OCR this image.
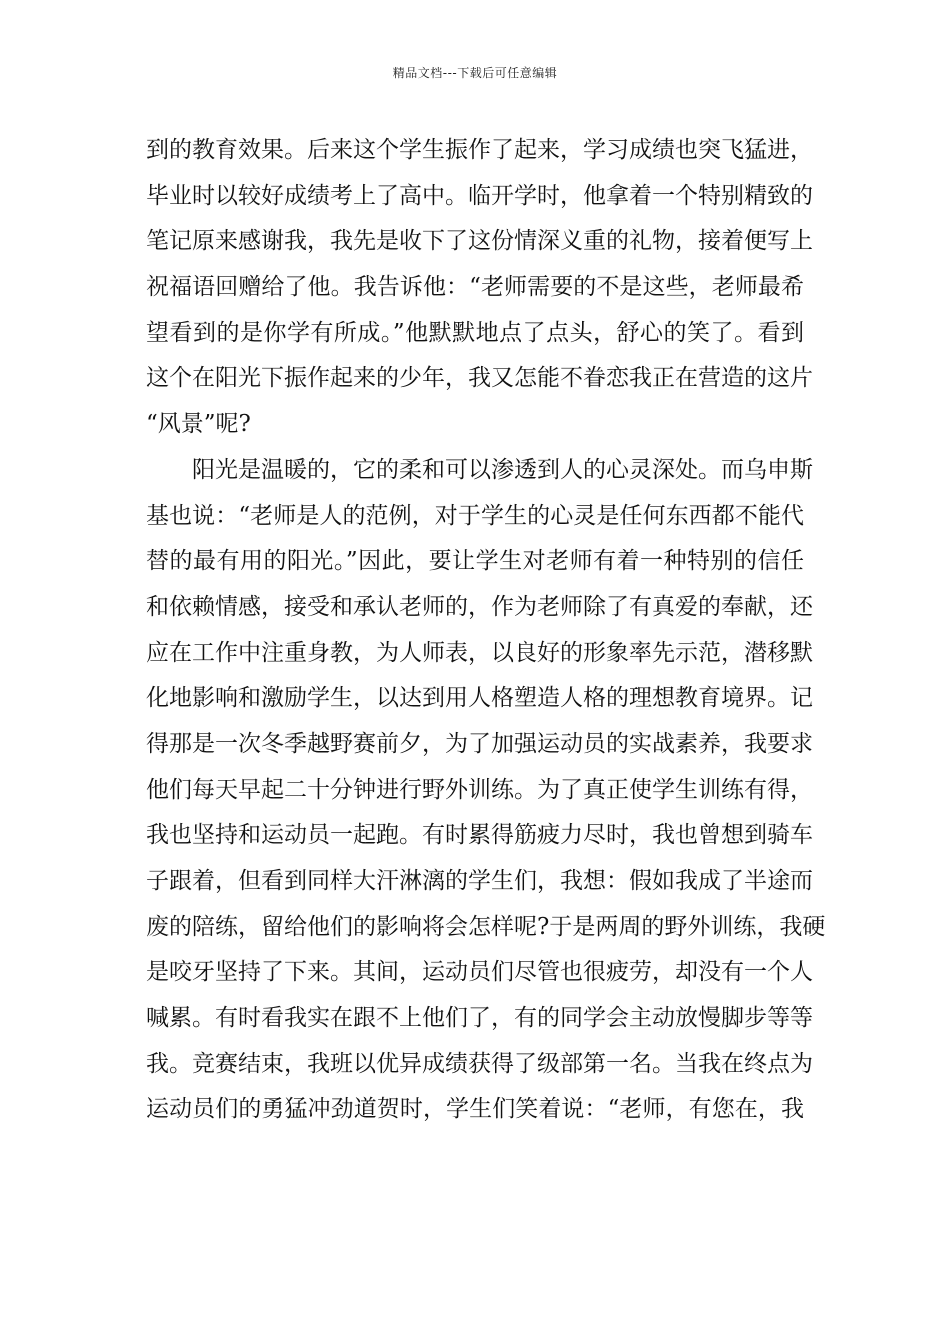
精品文档---下载后可任意编辑
到的教育效果。后来这个学生振作了起来，学习成绩也突飞猛进，
毕业时以较好成绩考上了高中。临开学时，他拿着一个特别精致的
笔记原来感谢我，我先是收下了这份情深义重的礼物，接着便写上
祝福语回赠给了他。我告诉他：“老师需要的不是这些，老师最希
望看到的是你学有所成。”他默默地点了点头，舒心的笑了。看到
这个在阳光下振作起来的少年，我又怎能不眷恋我正在营造的这片
“风景”呢?
阳光是温暖的，它的柔和可以渗透到人的心灵深处。而乌申斯
基也说：“老师是人的范例，对于学生的心灵是任何东西都不能代
替的最有用的阳光。”因此，要让学生对老师有着一种特别的信任
和依赖情感，接受和承认老师的，作为老师除了有真爱的奉献，还
应在工作中注重身教，为人师表，以良好的形象率先示范，潜移默
化地影响和激励学生，以达到用人格塑造人格的理想教育境界。记
得那是一次冬季越野赛前夕，为了加强运动员的实战素养，我要求
他们每天早起二十分钟进行野外训练。为了真正使学生训练有得，
我也坚持和运动员一起跑。有时累得筋疲力尽时，我也曾想到骑车
子跟着，但看到同样大汗淋漓的学生们，我想：假如我成了半途而
废的陪练，留给他们的影响将会怎样呢?于是两周的野外训练，我硬
是咬牙坚持了下来。其间，运动员们尽管也很疲劳，却没有一个人
喊累。有时看我实在跟不上他们了，有的同学会主动放慢脚步等等
我。竞赛结束，我班以优异成绩获得了级部第一名。当我在终点为
运动员们的勇猛冲劲道贺时，学生们笑着说：“老师，有您在，我
